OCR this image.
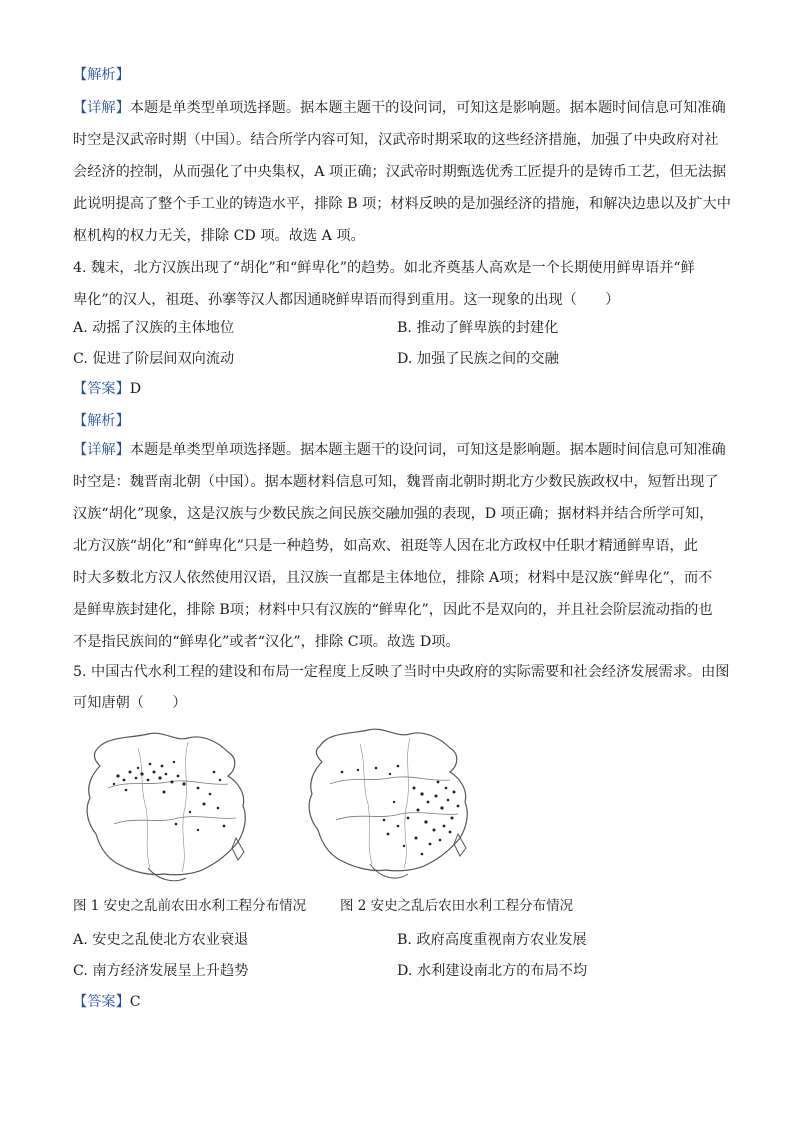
【解析】
【详解】本题是单类型单项选择题。据本题主题干的设问词，可知这是影响题。据本题时间信息可知准确
时空是汉武帝时期（中国）。结合所学内容可知，汉武帝时期采取的这些经济措施，加强了中央政府对社
会经济的控制，从而强化了中央集权，A 项正确；汉武帝时期甄选优秀工匠提升的是铸币工艺，但无法据
此说明提高了整个手工业的铸造水平，排除 B 项；材料反映的是加强经济的措施，和解决边患以及扩大中
枢机构的权力无关，排除 CD 项。故选 A 项。
4. 魏末，北方汉族出现了“胡化”和“鲜卑化”的趋势。如北齐奠基人高欢是一个长期使用鲜卑语并“鲜
卑化”的汉人，祖珽、孙搴等汉人都因通晓鲜卑语而得到重用。这一现象的出现（　　）
A. 动摇了汉族的主体地位	B. 推动了鲜卑族的封建化
C. 促进了阶层间双向流动	D. 加强了民族之间的交融
【答案】D
【解析】
【详解】本题是单类型单项选择题。据本题主题干的设问词，可知这是影响题。据本题时间信息可知准确
时空是：魏晋南北朝（中国）。据本题材料信息可知，魏晋南北朝时期北方少数民族政权中，短暂出现了
汉族“胡化”现象，这是汉族与少数民族之间民族交融加强的表现，D 项正确；据材料并结合所学可知，
北方汉族“胡化”和“鲜卑化”只是一种趋势，如高欢、祖珽等人因在北方政权中任职才精通鲜卑语，此
时大多数北方汉人依然使用汉语，且汉族一直都是主体地位，排除 A项；材料中是汉族“鲜卑化”，而不
是鲜卑族封建化，排除 B项；材料中只有汉族的“鲜卑化”，因此不是双向的，并且社会阶层流动指的也
不是指民族间的“鲜卑化”或者“汉化”，排除 C项。故选 D项。
5. 中国古代水利工程的建设和布局一定程度上反映了当时中央政府的实际需要和社会经济发展需求。由图
可知唐朝（　　）
图 1 安史之乱前农田水利工程分布情况	图 2 安史之乱后农田水利工程分布情况
A. 安史之乱使北方农业衰退	B. 政府高度重视南方农业发展
C. 南方经济发展呈上升趋势	D. 水利建设南北方的布局不均
【答案】C
